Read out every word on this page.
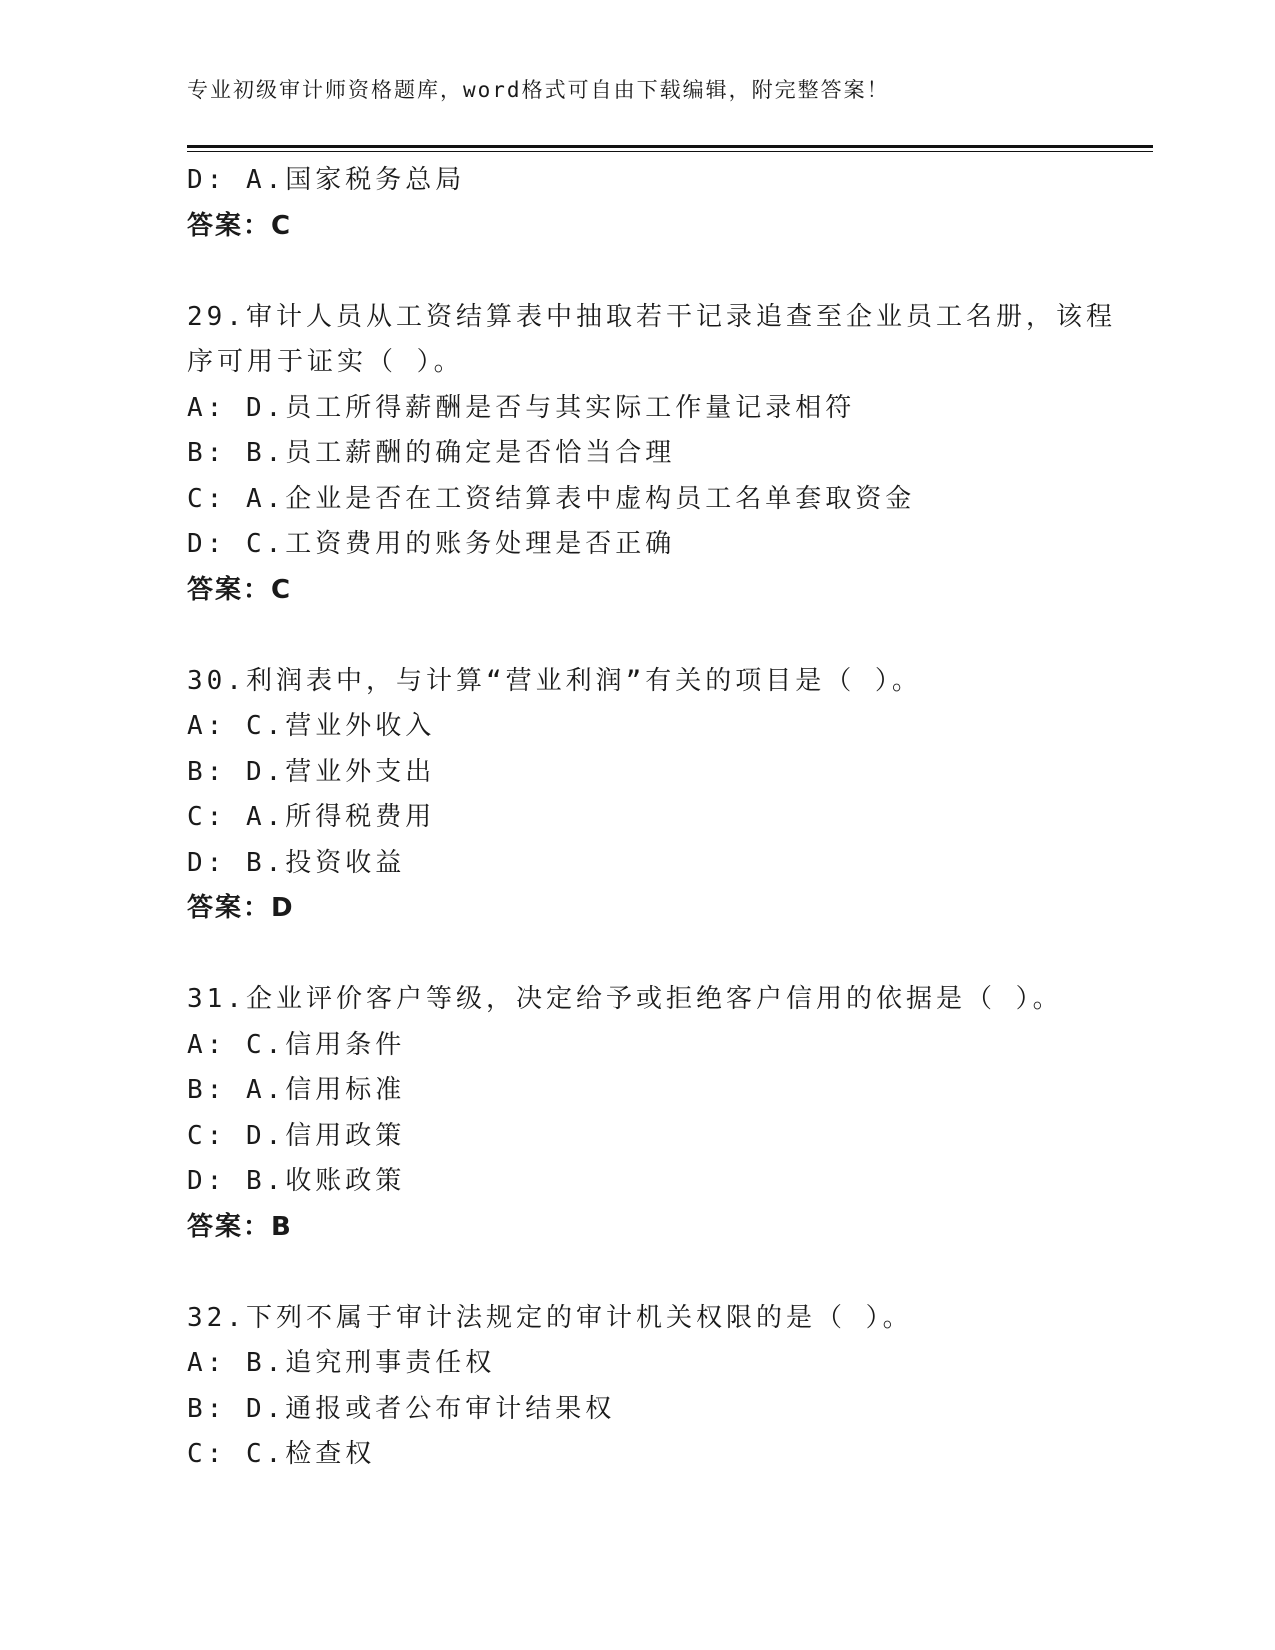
专业初级审计师资格题库，word格式可自由下载编辑，附完整答案！
D: A.国家税务总局
答案：C
29.审计人员从工资结算表中抽取若干记录追查至企业员工名册，该程
序可用于证实（ ）。
A: D.员工所得薪酬是否与其实际工作量记录相符
B: B.员工薪酬的确定是否恰当合理
C: A.企业是否在工资结算表中虚构员工名单套取资金
D: C.工资费用的账务处理是否正确
答案：C
30.利润表中，与计算“营业利润”有关的项目是（ ）。
A: C.营业外收入
B: D.营业外支出
C: A.所得税费用
D: B.投资收益
答案：D
31.企业评价客户等级，决定给予或拒绝客户信用的依据是（ ）。
A: C.信用条件
B: A.信用标准
C: D.信用政策
D: B.收账政策
答案：B
32.下列不属于审计法规定的审计机关权限的是（ ）。
A: B.追究刑事责任权
B: D.通报或者公布审计结果权
C: C.检查权
